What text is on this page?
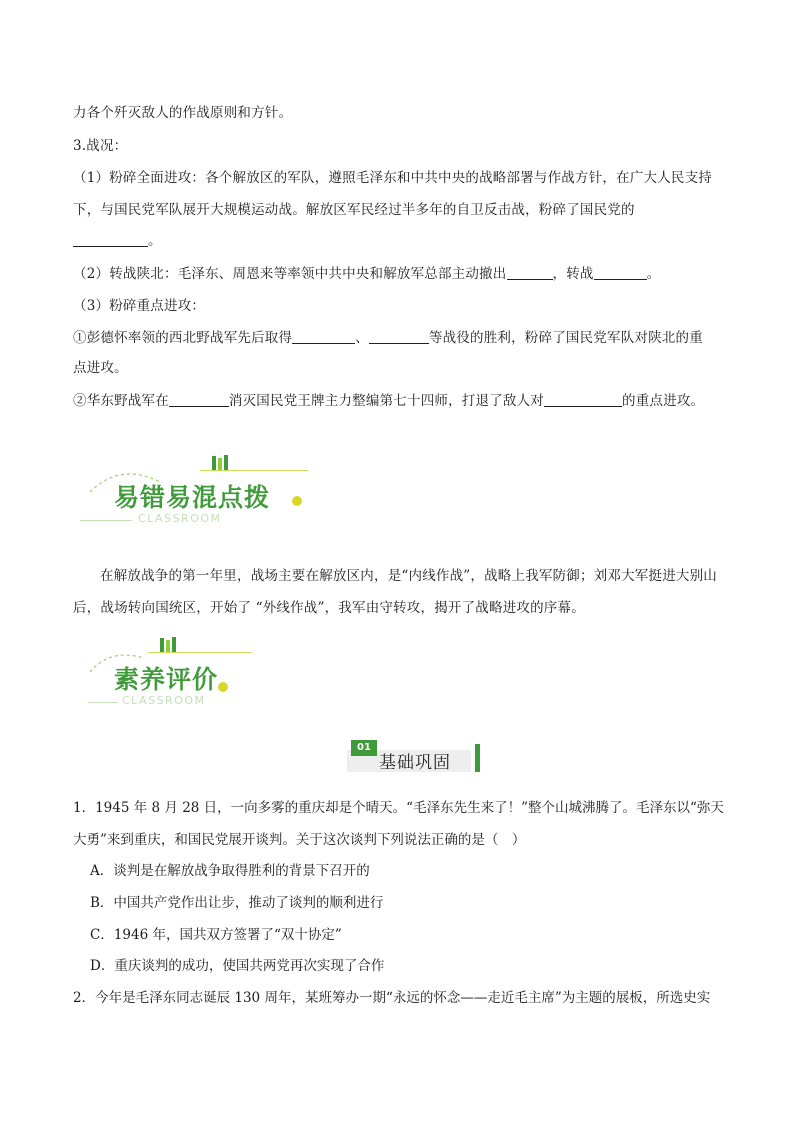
力各个歼灭敌人的作战原则和方针。
3.战况：
（1）粉碎全面进攻：各个解放区的军队，遵照毛泽东和中共中央的战略部署与作战方针，在广大人民支持
下，与国民党军队展开大规模运动战。解放区军民经过半多年的自卫反击战，粉碎了国民党的
。
（2）转战陕北：毛泽东、周恩来等率领中共中央和解放军总部主动撤出	，转战	。
（3）粉碎重点进攻：
①彭德怀率领的西北野战军先后取得	、	等战役的胜利，粉碎了国民党军队对陕北的重
点进攻。
②华东野战军在	消灭国民党王牌主力整编第七十四师，打退了敌人对	的重点进攻。
易错易混点拨
CLASSROOM
在解放战争的第一年里，战场主要在解放区内，是“内线作战”，战略上我军防御；刘邓大军挺进大别山
后，战场转向国统区，开始了 “外线作战”，我军由守转攻，揭开了战略进攻的序幕。
素养评价
CLASSROOM
01
基础巩固
1．1945 年 8 月 28 日，一向多雾的重庆却是个晴天。“毛泽东先生来了！”整个山城沸腾了。毛泽东以“弥天
大勇”来到重庆，和国民党展开谈判。关于这次谈判下列说法正确的是（　）
A．谈判是在解放战争取得胜利的背景下召开的
B．中国共产党作出让步，推动了谈判的顺利进行
C．1946 年，国共双方签署了“双十协定”
D．重庆谈判的成功，使国共两党再次实现了合作
2．今年是毛泽东同志诞辰 130 周年，某班筹办一期“永远的怀念——走近毛主席”为主题的展板，所选史实
